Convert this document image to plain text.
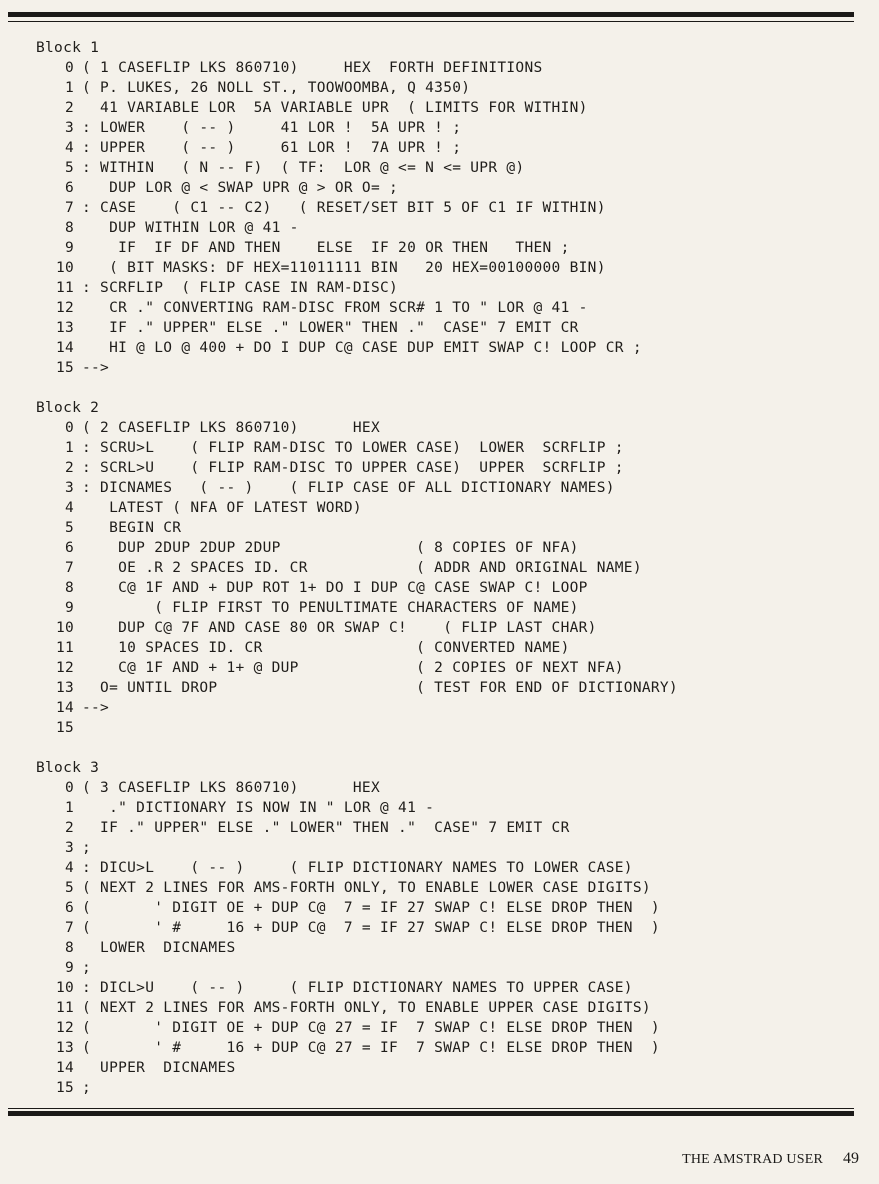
Block 1
0 ( 1 CASEFLIP LKS 860710)     HEX  FORTH DEFINITIONS
1 ( P. LUKES, 26 NOLL ST., TOOWOOMBA, Q 4350)
2 41 VARIABLE LOR  5A VARIABLE UPR  ( LIMITS FOR WITHIN)
3 : LOWER    ( -- )     41 LOR !  5A UPR ! ;
4 : UPPER    ( -- )     61 LOR !  7A UPR ! ;
5 : WITHIN   ( N -- F)  ( TF:  LOR @ <= N <= UPR @)
6 DUP LOR @ < SWAP UPR @ > OR O= ;
7 : CASE    ( C1 -- C2)   ( RESET/SET BIT 5 OF C1 IF WITHIN)
8 DUP WITHIN LOR @ 41 -
9 IF  IF DF AND THEN    ELSE  IF 20 OR THEN   THEN ;
10 ( BIT MASKS: DF HEX=11011111 BIN   20 HEX=00100000 BIN)
11 : SCRFLIP  ( FLIP CASE IN RAM-DISC)
12 CR ." CONVERTING RAM-DISC FROM SCR# 1 TO " LOR @ 41 -
13 IF ." UPPER" ELSE ." LOWER" THEN ."  CASE" 7 EMIT CR
14 HI @ LO @ 400 + DO I DUP C@ CASE DUP EMIT SWAP C! LOOP CR ;
15 -->
Block 2
0 ( 2 CASEFLIP LKS 860710)      HEX
1 : SCRU>L    ( FLIP RAM-DISC TO LOWER CASE)  LOWER  SCRFLIP ;
2 : SCRL>U    ( FLIP RAM-DISC TO UPPER CASE)  UPPER  SCRFLIP ;
3 : DICNAMES   ( -- )    ( FLIP CASE OF ALL DICTIONARY NAMES)
4 LATEST ( NFA OF LATEST WORD)
5 BEGIN CR
6 DUP 2DUP 2DUP 2DUP               ( 8 COPIES OF NFA)
7 OE .R 2 SPACES ID. CR            ( ADDR AND ORIGINAL NAME)
8 C@ 1F AND + DUP ROT 1+ DO I DUP C@ CASE SWAP C! LOOP
9 ( FLIP FIRST TO PENULTIMATE CHARACTERS OF NAME)
10 DUP C@ 7F AND CASE 80 OR SWAP C!    ( FLIP LAST CHAR)
11 10 SPACES ID. CR                 ( CONVERTED NAME)
12 C@ 1F AND + 1+ @ DUP             ( 2 COPIES OF NEXT NFA)
13 O= UNTIL DROP                      ( TEST FOR END OF DICTIONARY)
14 -->
15
Block 3
0 ( 3 CASEFLIP LKS 860710)      HEX
1 ." DICTIONARY IS NOW IN " LOR @ 41 -
2 IF ." UPPER" ELSE ." LOWER" THEN ."  CASE" 7 EMIT CR
3 ;
4 : DICU>L    ( -- )     ( FLIP DICTIONARY NAMES TO LOWER CASE)
5 ( NEXT 2 LINES FOR AMS-FORTH ONLY, TO ENABLE LOWER CASE DIGITS)
6 (       ' DIGIT OE + DUP C@  7 = IF 27 SWAP C! ELSE DROP THEN  )
7 (       ' #     16 + DUP C@  7 = IF 27 SWAP C! ELSE DROP THEN  )
8 LOWER  DICNAMES
9 ;
10 : DICL>U    ( -- )     ( FLIP DICTIONARY NAMES TO UPPER CASE)
11 ( NEXT 2 LINES FOR AMS-FORTH ONLY, TO ENABLE UPPER CASE DIGITS)
12 (       ' DIGIT OE + DUP C@ 27 = IF  7 SWAP C! ELSE DROP THEN  )
13 (       ' #     16 + DUP C@ 27 = IF  7 SWAP C! ELSE DROP THEN  )
14 UPPER  DICNAMES
15 ;
THE AMSTRAD USER 49
